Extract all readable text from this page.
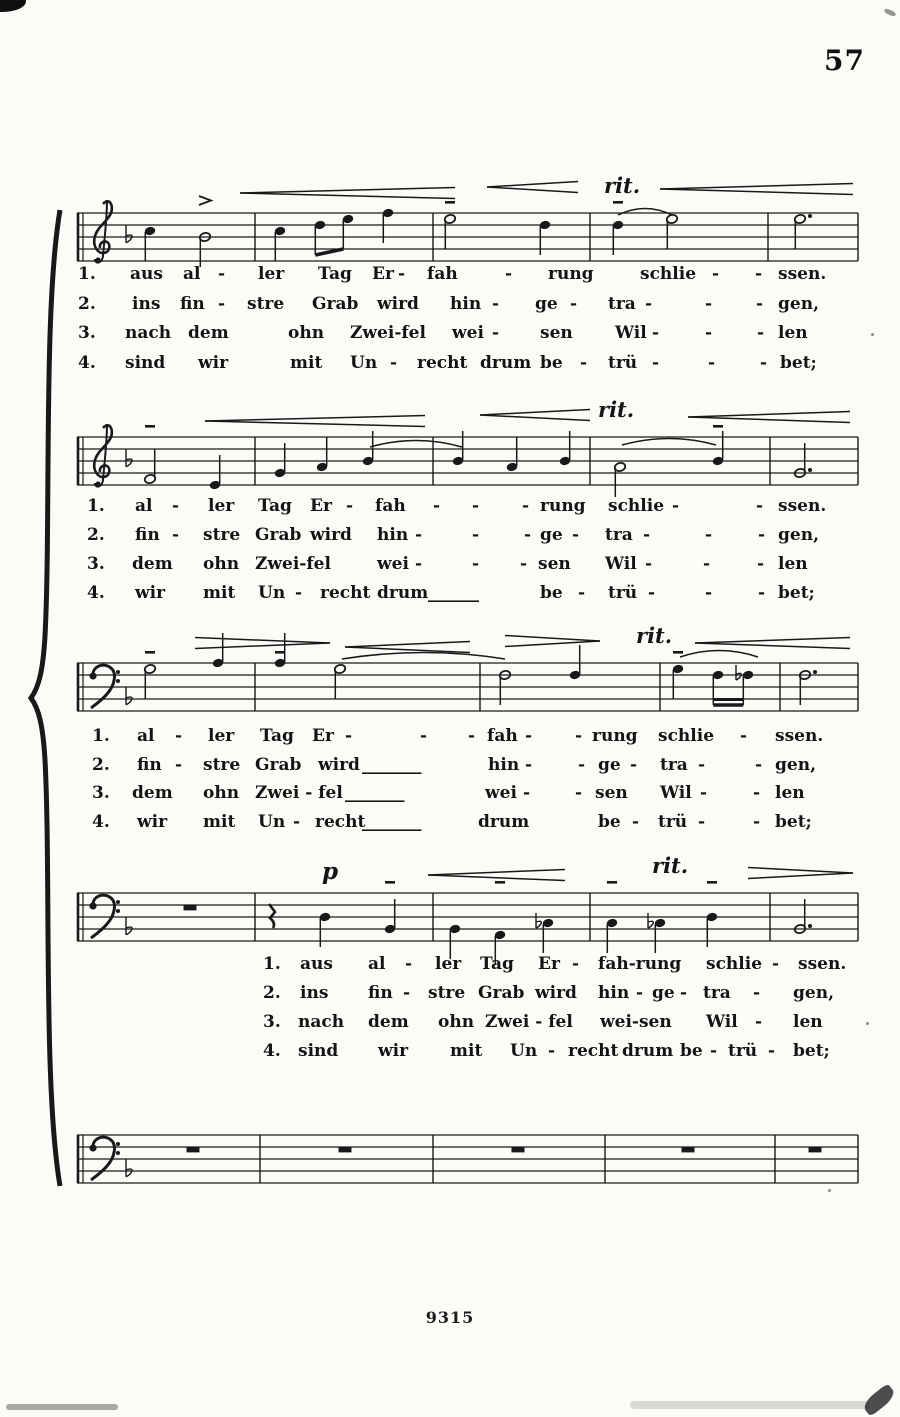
57
rit.
rit.
rit.
p	rit.
1. aus al - ler Tag Er - fah	- rung	schlie - - ssen.
2. ins fin - stre Grab wird hin - ge - tra -	-	- gen,
3. nach dem	ohn Zwei-fel wei - sen Wil -	-	- len
4. sind wir	mit Un - recht drum be - trü -	-	- bet;
1. al - ler Tag Er - fah - -	- rung schlie -	- ssen.
2. fin - stre Grab wird hin -	-	- ge - tra -	-	- gen,
3. dem ohn Zwei-fel	wei -	- - sen Wil -	-	- len
4. wir mit Un - recht drum ______	be - trü -	-	- bet;
1. al - ler Tag Er -	- - fah -	- rung schlie - ssen.
2. fin - stre Grab wird _______	hin -	- ge - tra -	- gen,
3. dem ohn Zwei - fel _______	wei -	- sen Wil -	- len
4. wir mit Un - recht
_______	drum	be - trü -	- bet;
1. aus al - ler Tag Er - fah-rung schlie - ssen.
2. ins fin - stre Grab wird hin - ge - tra - gen,
3. nach dem ohn Zwei - fel wei-sen Wil - len
4. sind wir mit Un - recht drum be - trü - bet;
9315
